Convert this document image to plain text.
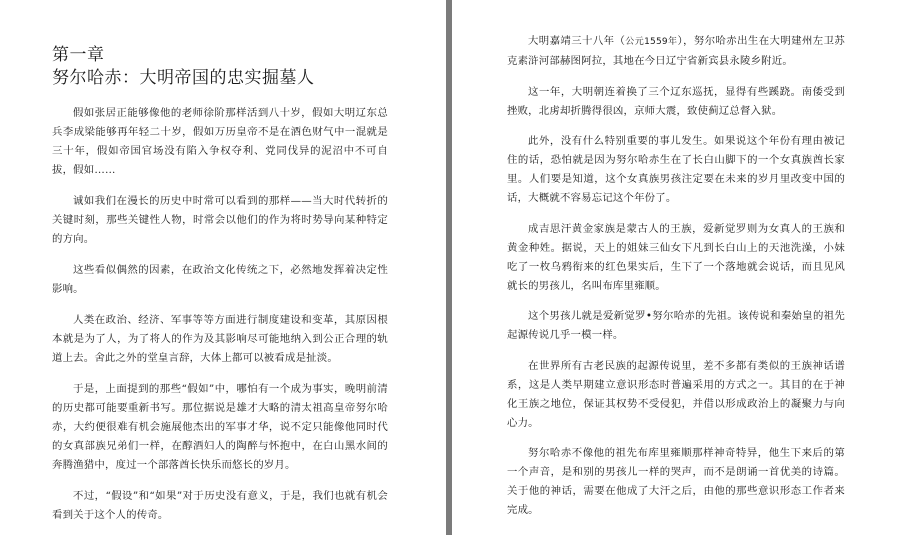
第一章
努尔哈赤：大明帝国的忠实掘墓人

假如张居正能够像他的老师徐阶那样活到八十岁，假如大明辽东总兵李成梁能够再年轻二十岁，假如万历皇帝不是在酒色财气中一混就是三十年，假如帝国官场没有陷入争权夺利、党同伐异的泥沼中不可自拔，假如……

诚如我们在漫长的历史中时常可以看到的那样——当大时代转折的关键时刻，那些关键性人物，时常会以他们的作为将时势导向某种特定的方向。

这些看似偶然的因素，在政治文化传统之下，必然地发挥着决定性影响。

人类在政治、经济、军事等等方面进行制度建设和变革，其原因根本就是为了人，为了将人的作为及其影响尽可能地纳入到公正合理的轨道上去。舍此之外的堂皇言辞，大体上都可以被看成是扯淡。

于是，上面提到的那些“假如”中，哪怕有一个成为事实，晚明前清的历史都可能要重新书写。那位据说是雄才大略的清太祖高皇帝努尔哈赤，大约便很难有机会施展他杰出的军事才华，说不定只能像他同时代的女真部族兄弟们一样，在醇酒妇人的陶醉与怀抱中，在白山黑水间的奔腾渔猎中，度过一个部落酋长快乐而悠长的岁月。

不过，“假设”和“如果”对于历史没有意义，于是，我们也就有机会看到关于这个人的传奇。

大明嘉靖三十八年（公元1559年），努尔哈赤出生在大明建州左卫苏克素浒河部赫图阿拉，其地在今日辽宁省新宾县永陵乡附近。

这一年，大明朝连着换了三个辽东巡抚，显得有些蹊跷。南倭受到挫败，北虏却折腾得很凶，京师大震，致使蓟辽总督入狱。

此外，没有什么特别重要的事儿发生。如果说这个年份有理由被记住的话，恐怕就是因为努尔哈赤生在了长白山脚下的一个女真族酋长家里。人们要是知道，这个女真族男孩注定要在未来的岁月里改变中国的话，大概就不容易忘记这个年份了。

成吉思汗黄金家族是蒙古人的王族，爱新觉罗则为女真人的王族和黄金种姓。据说，天上的姐妹三仙女下凡到长白山上的天池洗澡，小妹吃了一枚乌鸦衔来的红色果实后，生下了一个落地就会说话，而且见风就长的男孩儿，名叫布库里雍顺。

这个男孩儿就是爱新觉罗•努尔哈赤的先祖。该传说和秦始皇的祖先起源传说几乎一模一样。

在世界所有古老民族的起源传说里，差不多都有类似的王族神话谱系，这是人类早期建立意识形态时普遍采用的方式之一。其目的在于神化王族之地位，保证其权势不受侵犯，并借以形成政治上的凝聚力与向心力。

努尔哈赤不像他的祖先布库里雍顺那样神奇特异，他生下来后的第一个声音，是和别的男孩儿一样的哭声，而不是朗诵一首优美的诗篇。关于他的神话，需要在他成了大汗之后，由他的那些意识形态工作者来完成。
